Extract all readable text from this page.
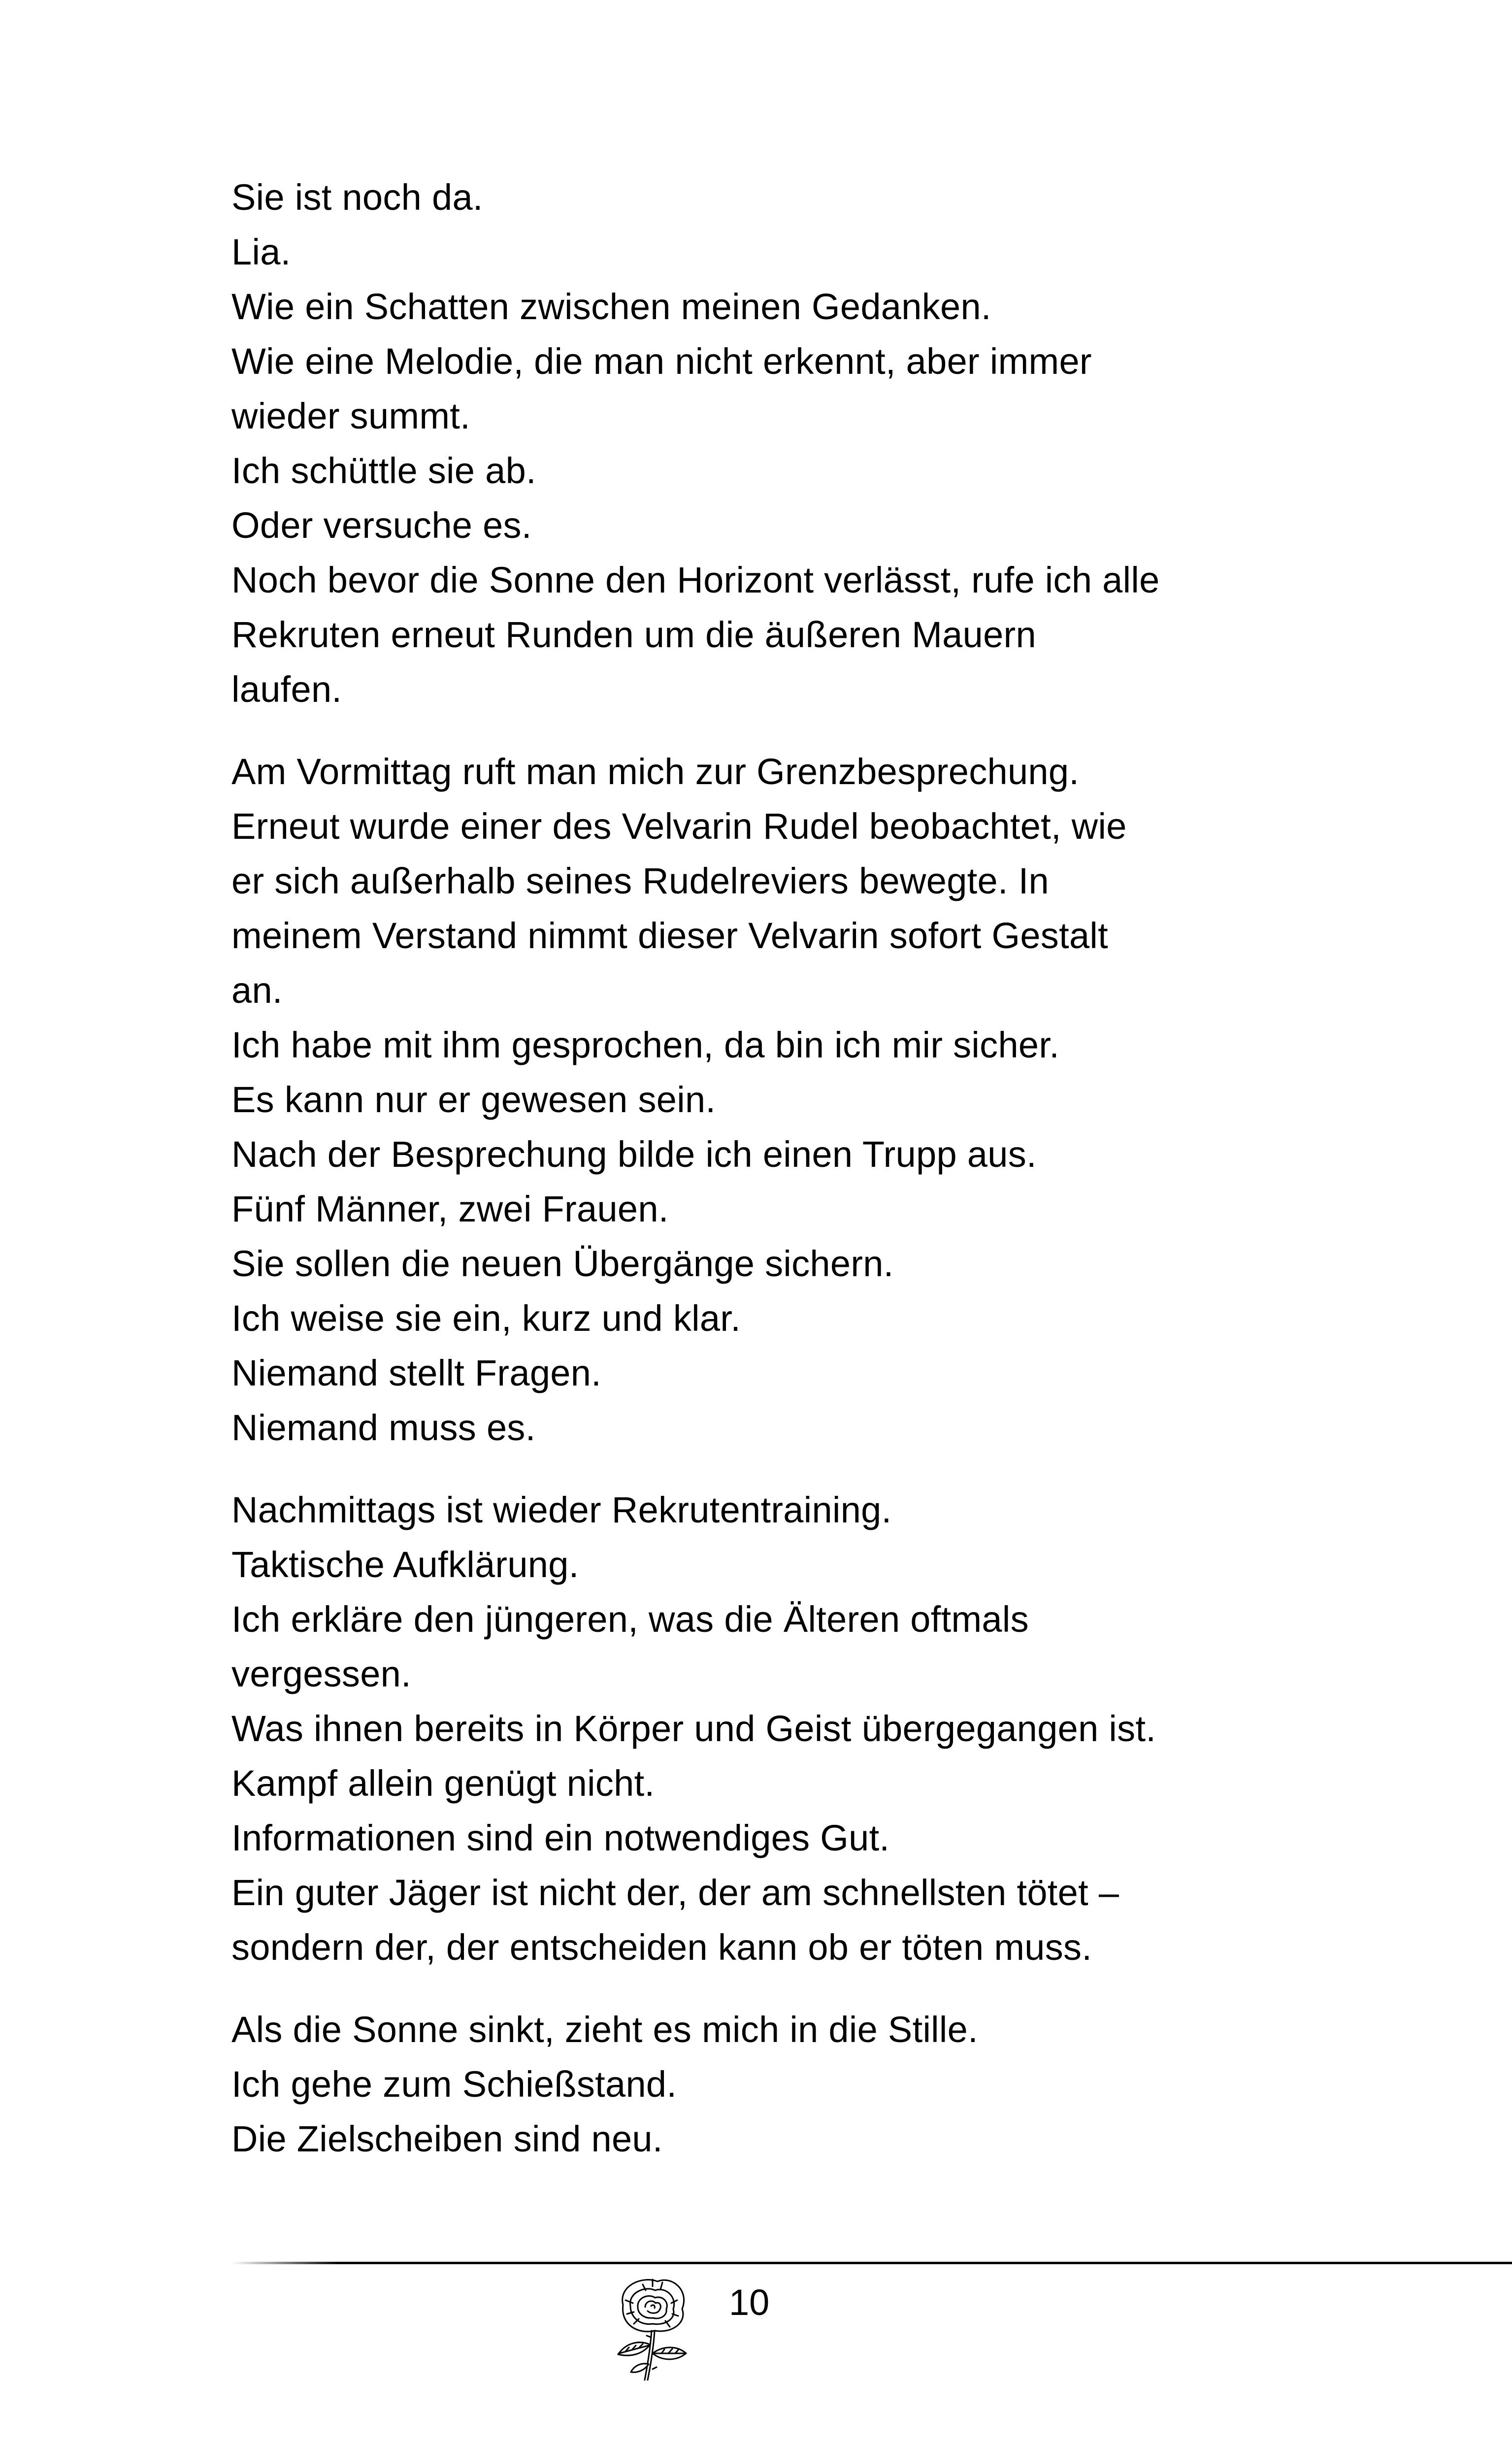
Sie ist noch da.
Lia.
Wie ein Schatten zwischen meinen Gedanken.
Wie eine Melodie, die man nicht erkennt, aber immer
wieder summt.
Ich schüttle sie ab.
Oder versuche es.
Noch bevor die Sonne den Horizont verlässt, rufe ich alle
Rekruten erneut Runden um die äußeren Mauern
laufen.
Am Vormittag ruft man mich zur Grenzbesprechung.
Erneut wurde einer des Velvarin Rudel beobachtet, wie
er sich außerhalb seines Rudelreviers bewegte. In
meinem Verstand nimmt dieser Velvarin sofort Gestalt
an.
Ich habe mit ihm gesprochen, da bin ich mir sicher.
Es kann nur er gewesen sein.
Nach der Besprechung bilde ich einen Trupp aus.
Fünf Männer, zwei Frauen.
Sie sollen die neuen Übergänge sichern.
Ich weise sie ein, kurz und klar.
Niemand stellt Fragen.
Niemand muss es.
Nachmittags ist wieder Rekrutentraining.
Taktische Aufklärung.
Ich erkläre den jüngeren, was die Älteren oftmals
vergessen.
Was ihnen bereits in Körper und Geist übergegangen ist.
Kampf allein genügt nicht.
Informationen sind ein notwendiges Gut.
Ein guter Jäger ist nicht der, der am schnellsten tötet –
sondern der, der entscheiden kann ob er töten muss.
Als die Sonne sinkt, zieht es mich in die Stille.
Ich gehe zum Schießstand.
Die Zielscheiben sind neu.
10
